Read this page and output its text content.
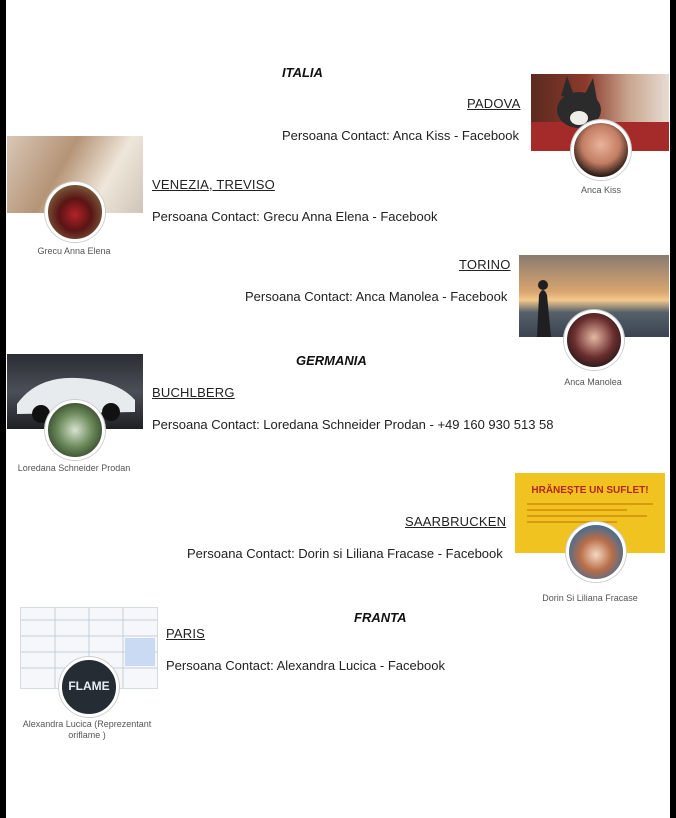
ITALIA
PADOVA
Persoana Contact: Anca Kiss - Facebook
Anca Kiss
Grecu Anna Elena
VENEZIA, TREVISO
Persoana Contact: Grecu Anna Elena - Facebook
TORINO
Persoana Contact: Anca Manolea - Facebook
Anca Manolea
GERMANIA
Loredana Schneider Prodan
BUCHLBERG
Persoana Contact: Loredana Schneider Prodan - +49 160 930 513 58
HRĂNEȘTE UN SUFLET!
Dorin Si Liliana Fracase
SAARBRUCKEN
Persoana Contact: Dorin si Liliana Fracase - Facebook
FRANTA
FLAME
Alexandra Lucica (Reprezentant
oriflame )
PARIS
Persoana Contact: Alexandra Lucica - Facebook
